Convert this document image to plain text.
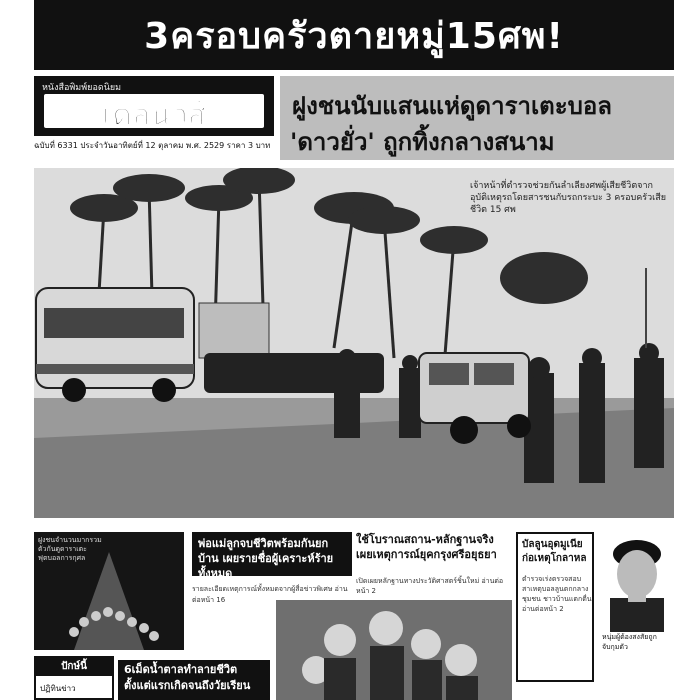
3ครอบครัวตายหมู่15ศพ!
หนังสือพิมพ์ยอดนิยม
เดลินิวส์
ฉบับที่ 6331 ประจำวันอาทิตย์ที่ 12 ตุลาคม พ.ศ. 2529 ราคา 3 บาท
ฝูงชนนับแสนแห่ดูดาราเตะบอล
'ดาวยั่ว' ถูกทิ้งกลางสนาม
เจ้าหน้าที่ตำรวจช่วยกันลำเลียงศพผู้เสียชีวิตจากอุบัติเหตุรถโดยสารชนกับรถกระบะ 3 ครอบครัวเสียชีวิต 15 ศพ
ฝูงชนจำนวนมากรวมตัวกันดูดาราเตะฟุตบอลการกุศล
พ่อแม่ลูกจบชีวิตพร้อมกันยกบ้าน เผยรายชื่อผู้เคราะห์ร้ายทั้งหมด
รายละเอียดเหตุการณ์ทั้งหมดจากผู้สื่อข่าวพิเศษ อ่านต่อหน้า 16
ใช้โบราณสถาน-หลักฐานจริง เผยเหตุการณ์ยุคกรุงศรีอยุธยา
เปิดเผยหลักฐานทางประวัติศาสตร์ชิ้นใหม่ อ่านต่อหน้า 2
บัลลูนอุดมูเนีย ก่อเหตุโกลาหล
ตำรวจเร่งตรวจสอบสาเหตุบอลลูนตกกลางชุมชน ชาวบ้านแตกตื่น อ่านต่อหน้า 2
หนุ่มผู้ต้องสงสัยถูกจับกุมตัว
ปักษ์นี้
ปฏิทินข่าว
6เม็ดน้ำตาลทำลายชีวิต ตั้งแต่แรกเกิดจนถึงวัยเรียน
